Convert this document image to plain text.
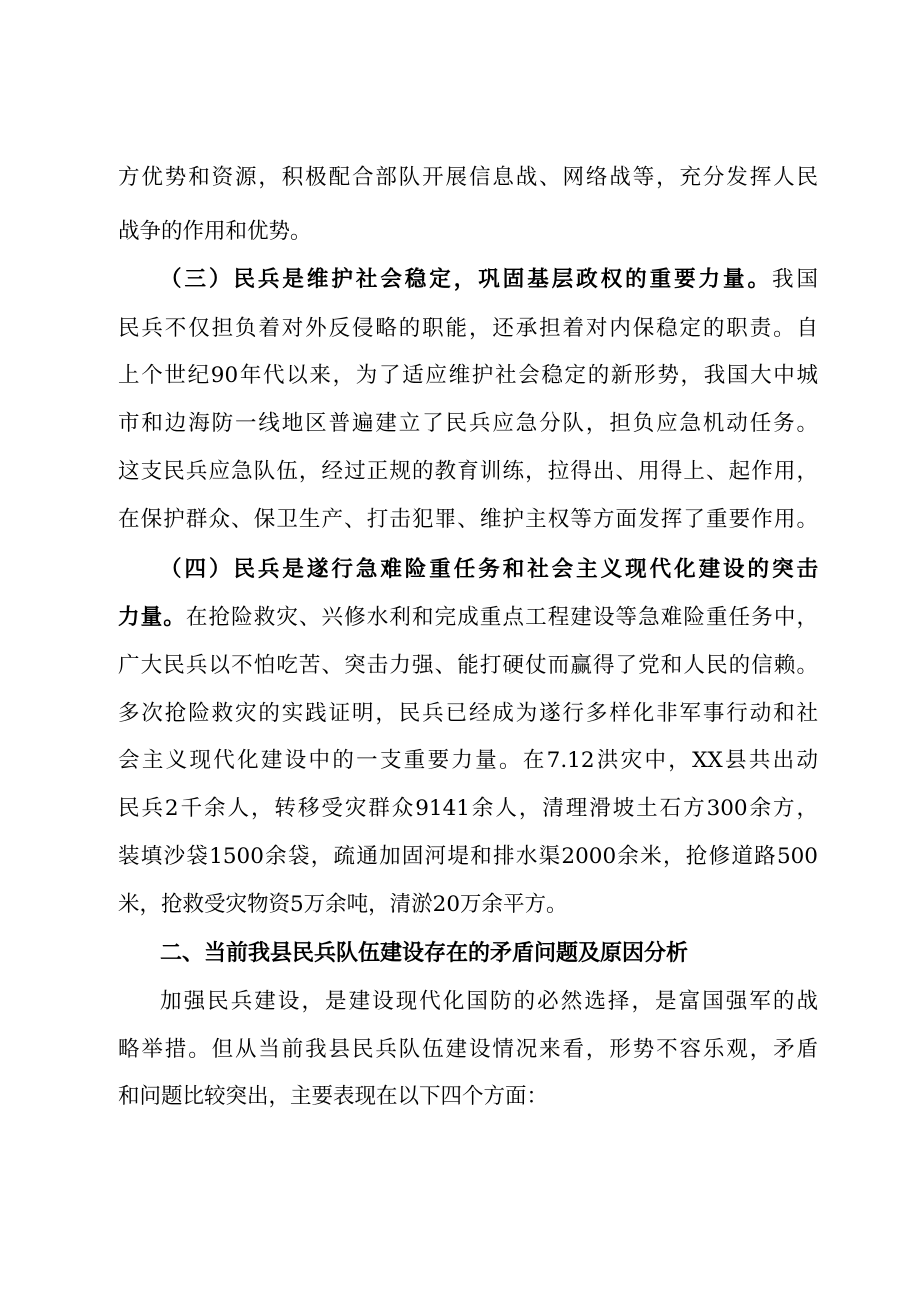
方优势和资源，积极配合部队开展信息战、网络战等，充分发挥人民
战争的作用和优势。
（三）民兵是维护社会稳定，巩固基层政权的重要力量。我国
民兵不仅担负着对外反侵略的职能，还承担着对内保稳定的职责。自
上个世纪90年代以来，为了适应维护社会稳定的新形势，我国大中城
市和边海防一线地区普遍建立了民兵应急分队，担负应急机动任务。
这支民兵应急队伍，经过正规的教育训练，拉得出、用得上、起作用，
在保护群众、保卫生产、打击犯罪、维护主权等方面发挥了重要作用。
（四）民兵是遂行急难险重任务和社会主义现代化建设的突击
力量。在抢险救灾、兴修水利和完成重点工程建设等急难险重任务中，
广大民兵以不怕吃苦、突击力强、能打硬仗而赢得了党和人民的信赖。
多次抢险救灾的实践证明，民兵已经成为遂行多样化非军事行动和社
会主义现代化建设中的一支重要力量。在7.12洪灾中，XX县共出动
民兵2千余人，转移受灾群众9141余人，清理滑坡土石方300余方，
装填沙袋1500余袋，疏通加固河堤和排水渠2000余米，抢修道路500
米，抢救受灾物资5万余吨，清淤20万余平方。
二、当前我县民兵队伍建设存在的矛盾问题及原因分析
加强民兵建设，是建设现代化国防的必然选择，是富国强军的战
略举措。但从当前我县民兵队伍建设情况来看，形势不容乐观，矛盾
和问题比较突出，主要表现在以下四个方面：
